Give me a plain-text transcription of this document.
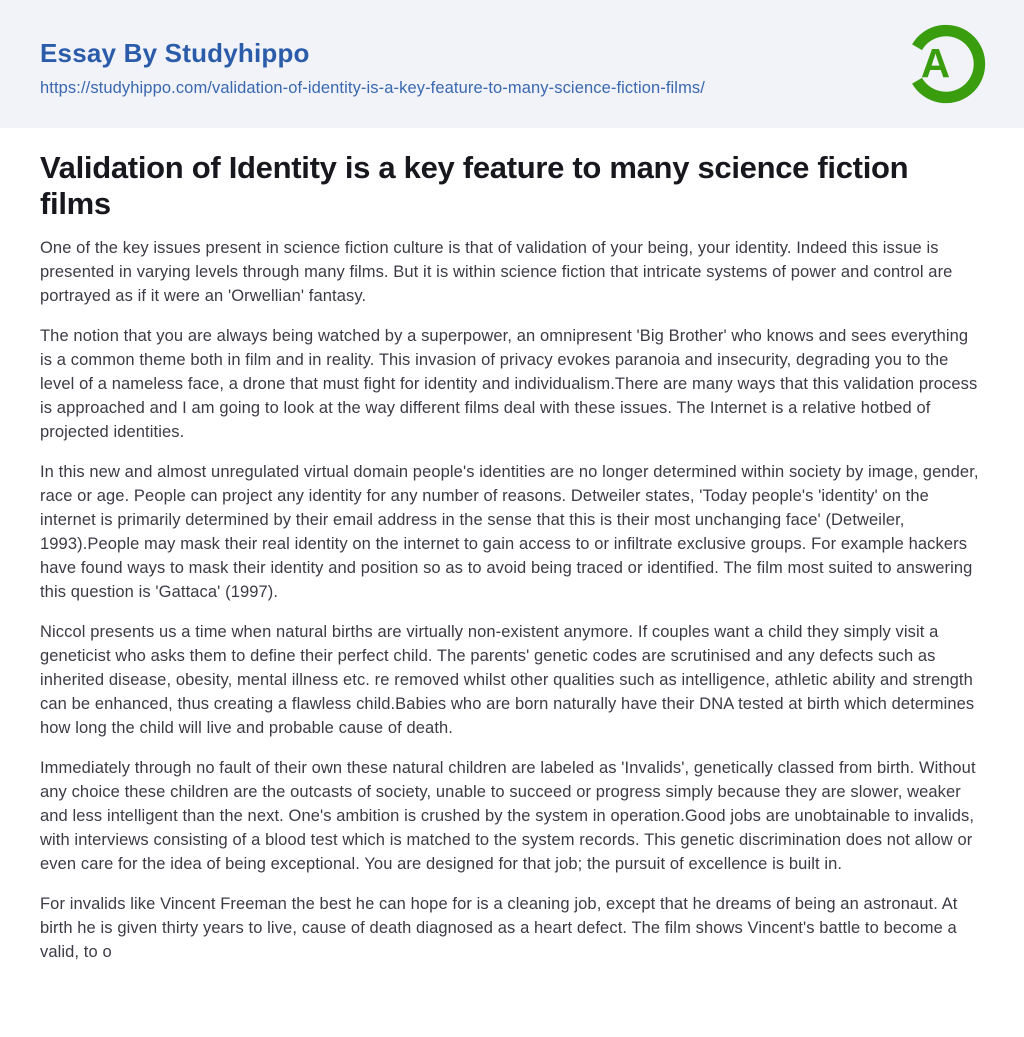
Essay By Studyhippo
https://studyhippo.com/validation-of-identity-is-a-key-feature-to-many-science-fiction-films/
A
Validation of Identity is a key feature to many science fiction films

One of the key issues present in science fiction culture is that of validation of your being, your identity. Indeed this issue is presented in varying levels through many films. But it is within science fiction that intricate systems of power and control are portrayed as if it were an 'Orwellian' fantasy.

The notion that you are always being watched by a superpower, an omnipresent 'Big Brother' who knows and sees everything is a common theme both in film and in reality. This invasion of privacy evokes paranoia and insecurity, degrading you to the level of a nameless face, a drone that must fight for identity and individualism.There are many ways that this validation process is approached and I am going to look at the way different films deal with these issues. The Internet is a relative hotbed of projected identities.

In this new and almost unregulated virtual domain people's identities are no longer determined within society by image, gender, race or age. People can project any identity for any number of reasons. Detweiler states, 'Today people's 'identity' on the internet is primarily determined by their email address in the sense that this is their most unchanging face' (Detweiler, 1993).People may mask their real identity on the internet to gain access to or infiltrate exclusive groups. For example hackers have found ways to mask their identity and position so as to avoid being traced or identified. The film most suited to answering this question is 'Gattaca' (1997).

Niccol presents us a time when natural births are virtually non-existent anymore. If couples want a child they simply visit a geneticist who asks them to define their perfect child. The parents' genetic codes are scrutinised and any defects such as inherited disease, obesity, mental illness etc. re removed whilst other qualities such as intelligence, athletic ability and strength can be enhanced, thus creating a flawless child.Babies who are born naturally have their DNA tested at birth which determines how long the child will live and probable cause of death.

Immediately through no fault of their own these natural children are labeled as 'Invalids', genetically classed from birth. Without any choice these children are the outcasts of society, unable to succeed or progress simply because they are slower, weaker and less intelligent than the next. One's ambition is crushed by the system in operation.Good jobs are unobtainable to invalids, with interviews consisting of a blood test which is matched to the system records. This genetic discrimination does not allow or even care for the idea of being exceptional. You are designed for that job; the pursuit of excellence is built in.

For invalids like Vincent Freeman the best he can hope for is a cleaning job, except that he dreams of being an astronaut. At birth he is given thirty years to live, cause of death diagnosed as a heart defect. The film shows Vincent's battle to become a valid, to o
